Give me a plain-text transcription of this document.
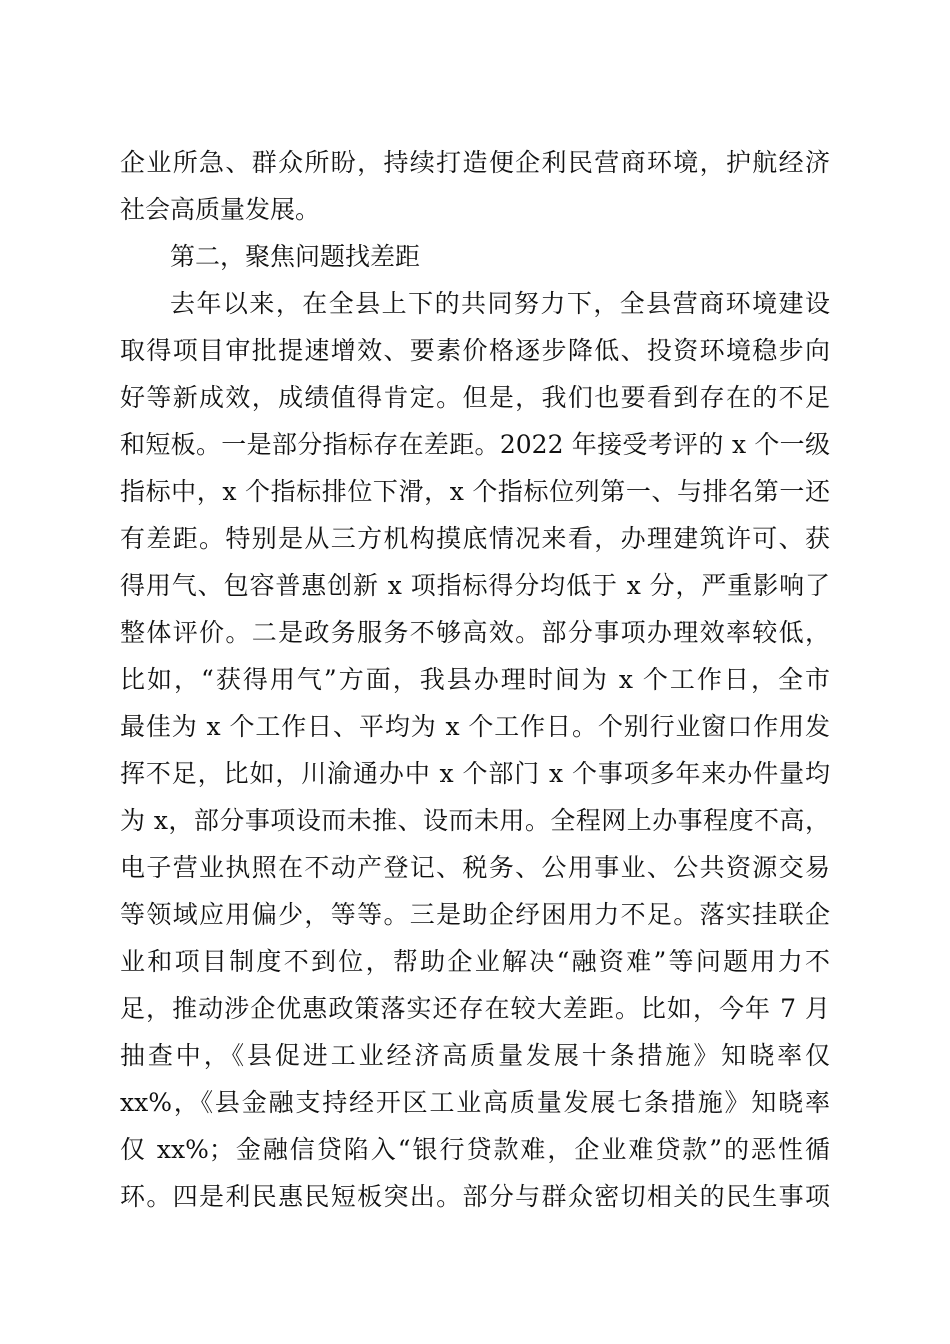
企业所急、群众所盼，持续打造便企利民营商环境，护航经济

社会高质量发展。

第二，聚焦问题找差距

去年以来，在全县上下的共同努力下，全县营商环境建设

取得项目审批提速增效、要素价格逐步降低、投资环境稳步向

好等新成效，成绩值得肯定。但是，我们也要看到存在的不足

和短板。一是部分指标存在差距。2022 年接受考评的 x 个一级

指标中，x 个指标排位下滑，x 个指标位列第一、与排名第一还

有差距。特别是从三方机构摸底情况来看，办理建筑许可、获

得用气、包容普惠创新 x 项指标得分均低于 x 分，严重影响了

整体评价。二是政务服务不够高效。部分事项办理效率较低，

比如，“获得用气”方面，我县办理时间为 x 个工作日，全市

最佳为 x 个工作日、平均为 x 个工作日。个别行业窗口作用发

挥不足，比如，川渝通办中 x 个部门 x 个事项多年来办件量均

为 x，部分事项设而未推、设而未用。全程网上办事程度不高，

电子营业执照在不动产登记、税务、公用事业、公共资源交易

等领域应用偏少，等等。三是助企纾困用力不足。落实挂联企

业和项目制度不到位，帮助企业解决“融资难”等问题用力不

足，推动涉企优惠政策落实还存在较大差距。比如，今年 7 月

抽查中，《县促进工业经济高质量发展十条措施》知晓率仅

xx%，《县金融支持经开区工业高质量发展七条措施》知晓率

仅 xx%；金融信贷陷入“银行贷款难，企业难贷款”的恶性循

环。四是利民惠民短板突出。部分与群众密切相关的民生事项
